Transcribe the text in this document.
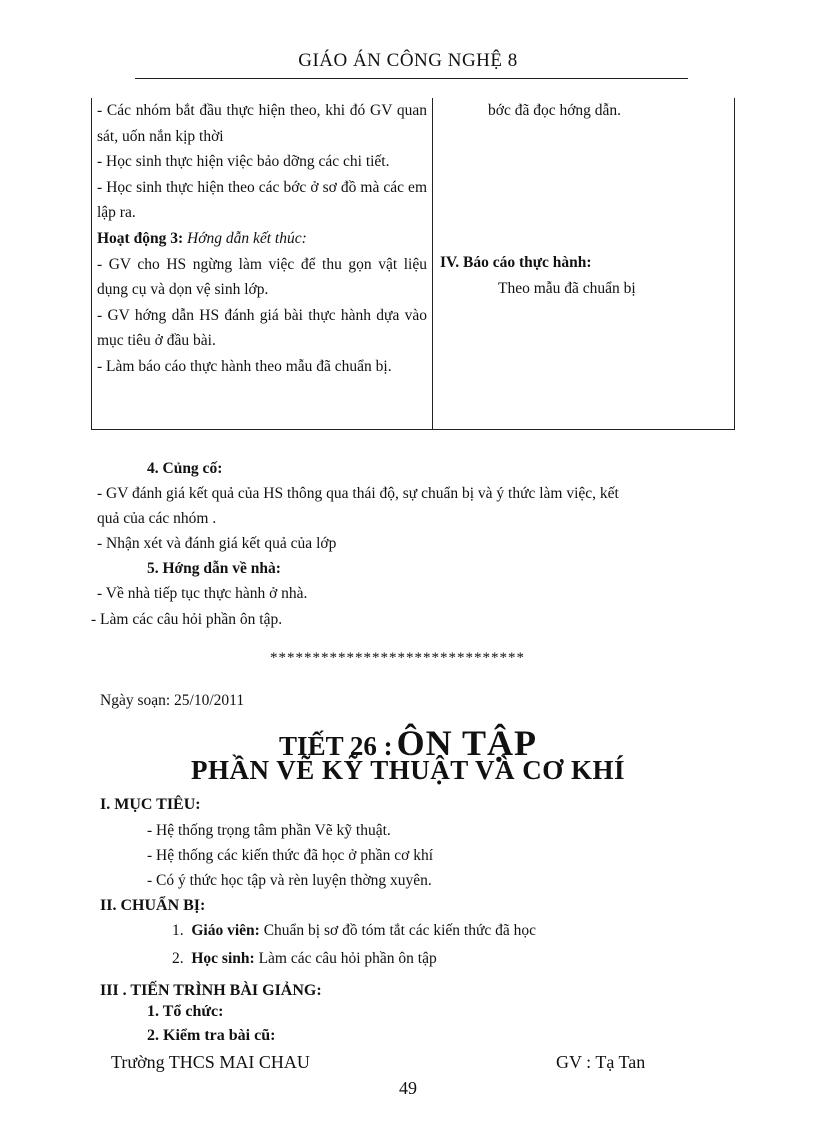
GIÁO ÁN CÔNG NGHỆ 8

- Các nhóm bắt đầu thực hiện theo, khi đó GV quan sát, uốn nắn kịp thời

- Học sinh thực hiện việc bảo dỡng các chi tiết.

- Học sinh thực hiện theo các bớc ở sơ đồ mà các em lập ra.

Hoạt động 3: Hớng dẫn kết thúc:

- GV cho HS ngừng làm việc để thu gọn vật liệu dụng cụ và dọn vệ sinh lớp.

- GV hớng dẫn HS đánh giá bài thực hành dựa vào mục tiêu ở đầu bài.

- Làm báo cáo thực hành theo mẫu đã chuẩn bị.

bớc đã đọc hớng dẫn.
IV. Báo cáo thực hành:
Theo mẫu đã chuẩn bị
4. Củng cố:
- GV đánh giá kết quả của HS thông qua thái độ, sự chuẩn bị và ý thức làm việc, kết
quả của các nhóm .
- Nhận xét và đánh giá kết quả của lớp
5. Hớng dẫn về nhà:
- Về nhà tiếp tục thực hành ở nhà.
- Làm các câu hỏi phần ôn tập.
******************************
Ngày soạn: 25/10/2011
TIẾT 26 : ÔN TẬP
PHẦN VẼ KỸ THUẬT VÀ CƠ KHÍ
I. MỤC TIÊU:
- Hệ thống trọng tâm phần Vẽ kỹ thuật.
- Hệ thống các kiến thức đã học ở phần cơ khí
- Có ý thức học tập và rèn luyện thờng xuyên.
II. CHUẨN BỊ:
1. Giáo viên: Chuẩn bị sơ đồ tóm tắt các kiến thức đã học
2. Học sinh: Làm các câu hỏi phần ôn tập
III . TIẾN TRÌNH BÀI GIẢNG:
1. Tổ chức:
2. Kiểm tra bài cũ:
Trường THCS MAI CHAU	GV : Tạ Tan
49
